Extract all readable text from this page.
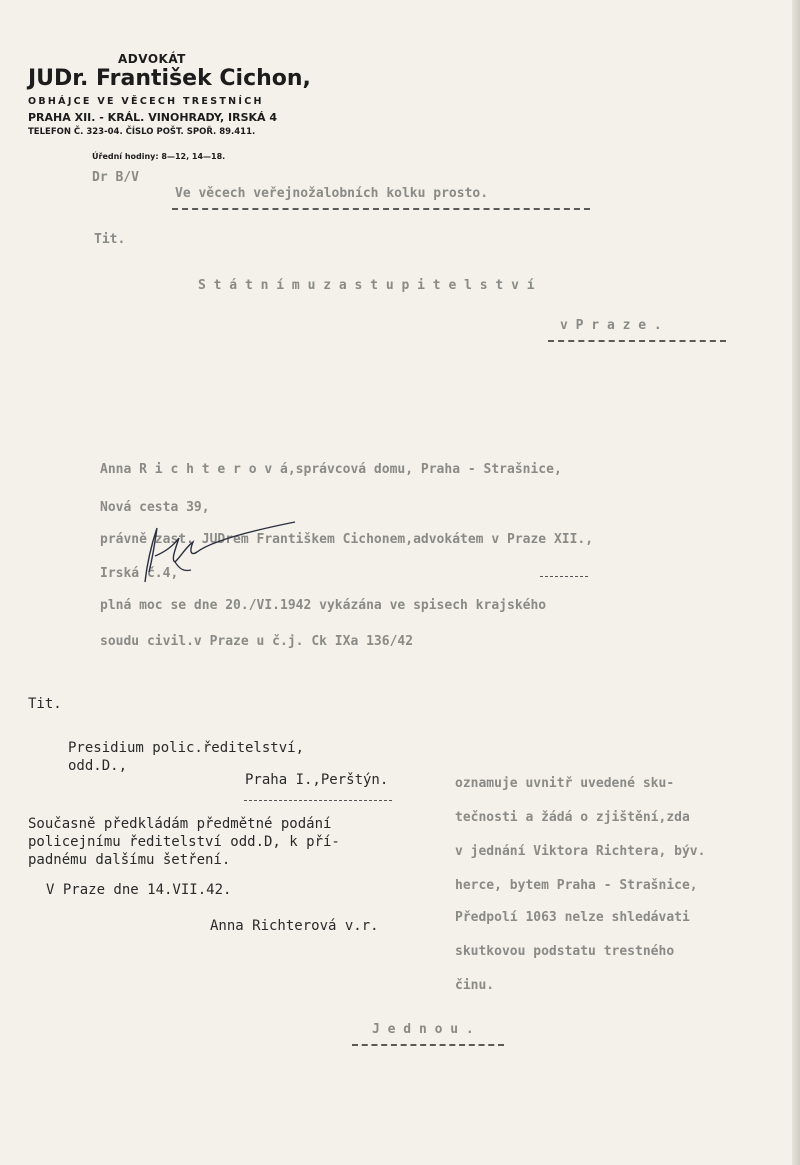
ADVOKÁT
JUDr. František Cichon,
OBHÁJCE VE VĚCECH TRESTNÍCH
PRAHA XII. - KRÁL. VINOHRADY, IRSKÁ 4
TELEFON Č. 323-04. ČÍSLO POŠT. SPOŘ. 89.411.
Úřední hodiny: 8—12, 14—18.
Dr B/V
Ve věcech veřejnožalobních kolku prosto.
Tit.
S t á t n í m u z a s t u p i t e l s t v í
v P r a z e .
Anna R i c h t e r o v á,správcová domu, Praha - Strašnice,
Nová cesta 39,
právně zast. JUDrem Františkem Cichonem,advokátem v Praze XII.,
Irská č.4,
plná moc se dne 20./VI.1942 vykázána ve spisech krajského
soudu civil.v Praze u č.j. Ck IXa 136/42
Tit.
Presidium polic.ředitelství,
odd.D.,
Praha I.,Perštýn.
Současně předkládám předmětné podání
policejnímu ředitelství odd.D, k pří-
padnému dalšímu šetření.
V Praze dne 14.VII.42.
Anna Richterová v.r.
oznamuje uvnitř uvedené sku-
tečnosti a žádá o zjištění,zda
v jednání Viktora Richtera, býv.
herce, bytem Praha - Strašnice,
Předpolí 1063 nelze shledávati
skutkovou podstatu trestného
činu.
J e d n o u .
